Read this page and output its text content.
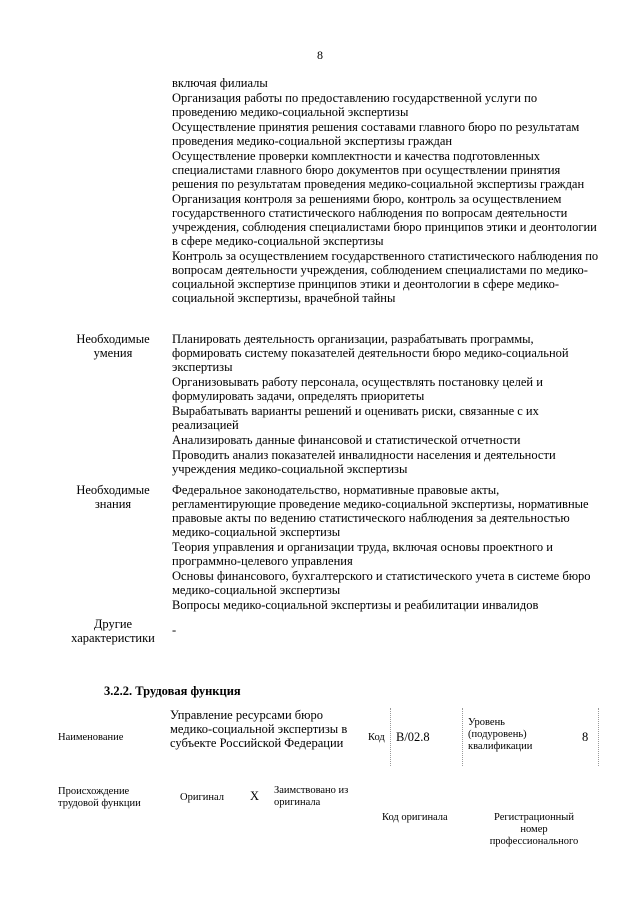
8
включая филиалы
Организация работы по предоставлению государственной услуги по проведению медико-социальной экспертизы
Осуществление принятия решения составами главного бюро по результатам проведения медико-социальной экспертизы граждан
Осуществление проверки комплектности и качества подготовленных специалистами главного бюро документов при осуществлении принятия решения по результатам проведения медико-социальной экспертизы граждан
Организация контроля за решениями бюро, контроль за осуществлением государственного статистического наблюдения по вопросам деятельности учреждения, соблюдения специалистами бюро принципов этики и деонтологии в сфере медико-социальной экспертизы
Контроль за осуществлением государственного статистического наблюдения по вопросам деятельности учреждения, соблюдением специалистами по медико-социальной экспертизе принципов этики и деонтологии в сфере медико-социальной экспертизы, врачебной тайны
Необходимые умения
Планировать деятельность организации, разрабатывать программы, формировать систему показателей деятельности бюро медико-социальной экспертизы
Организовывать работу персонала, осуществлять постановку целей и формулировать задачи, определять приоритеты
Вырабатывать варианты решений и оценивать риски, связанные с их реализацией
Анализировать данные финансовой и статистической отчетности
Проводить анализ показателей инвалидности населения и деятельности учреждения медико-социальной экспертизы
Необходимые знания
Федеральное законодательство, нормативные правовые акты, регламентирующие проведение медико-социальной экспертизы, нормативные правовые акты по ведению статистического наблюдения за деятельностью медико-социальной экспертизы
Теория управления и организации труда, включая основы проектного и программно-целевого управления
Основы финансового, бухгалтерского и статистического учета в системе бюро медико-социальной экспертизы
Вопросы медико-социальной экспертизы и реабилитации инвалидов
Другие характеристики
-
3.2.2. Трудовая функция
Наименование
Управление ресурсами бюро медико-социальной экспертизы в субъекте Российской Федерации	Код B/02.8
Уровень (подуровень) квалификации
8
Происхождение трудовой функции
Оригинал X Заимствовано из оригинала
Код оригинала	Регистрационный номер профессионального
